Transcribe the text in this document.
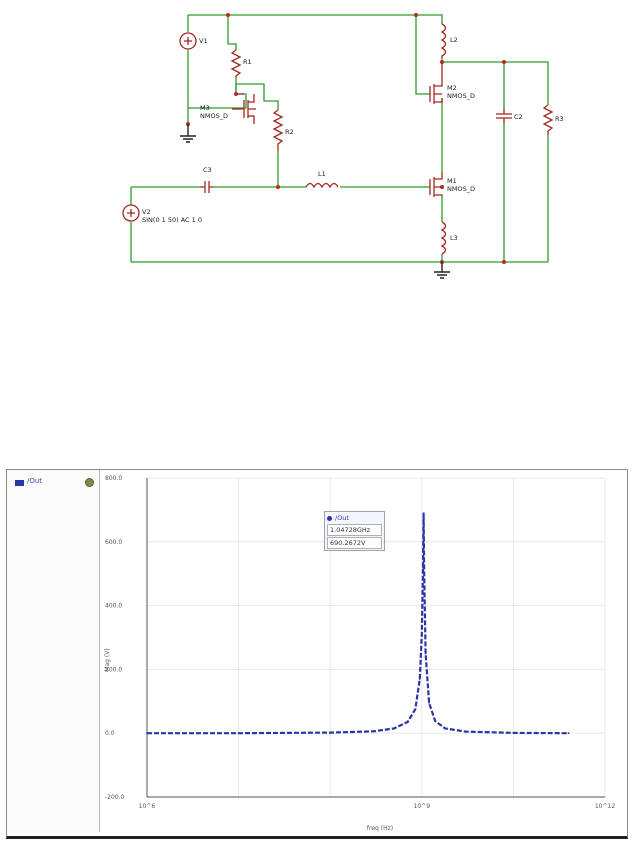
V1
R1
M3
NMOS_D
R2
C3	L1
V2
SIN(0 1 50) AC 1 0
L2
M2
NMOS_D
M1
NMOS_D
L3
C2	R3
/Out	800.0
600.0
400.0
200.0
0.0
-200.0
10^6	10^9	10^12
Mag (V)
freq (Hz)
/Out
1.04728GHz
690.2672V
